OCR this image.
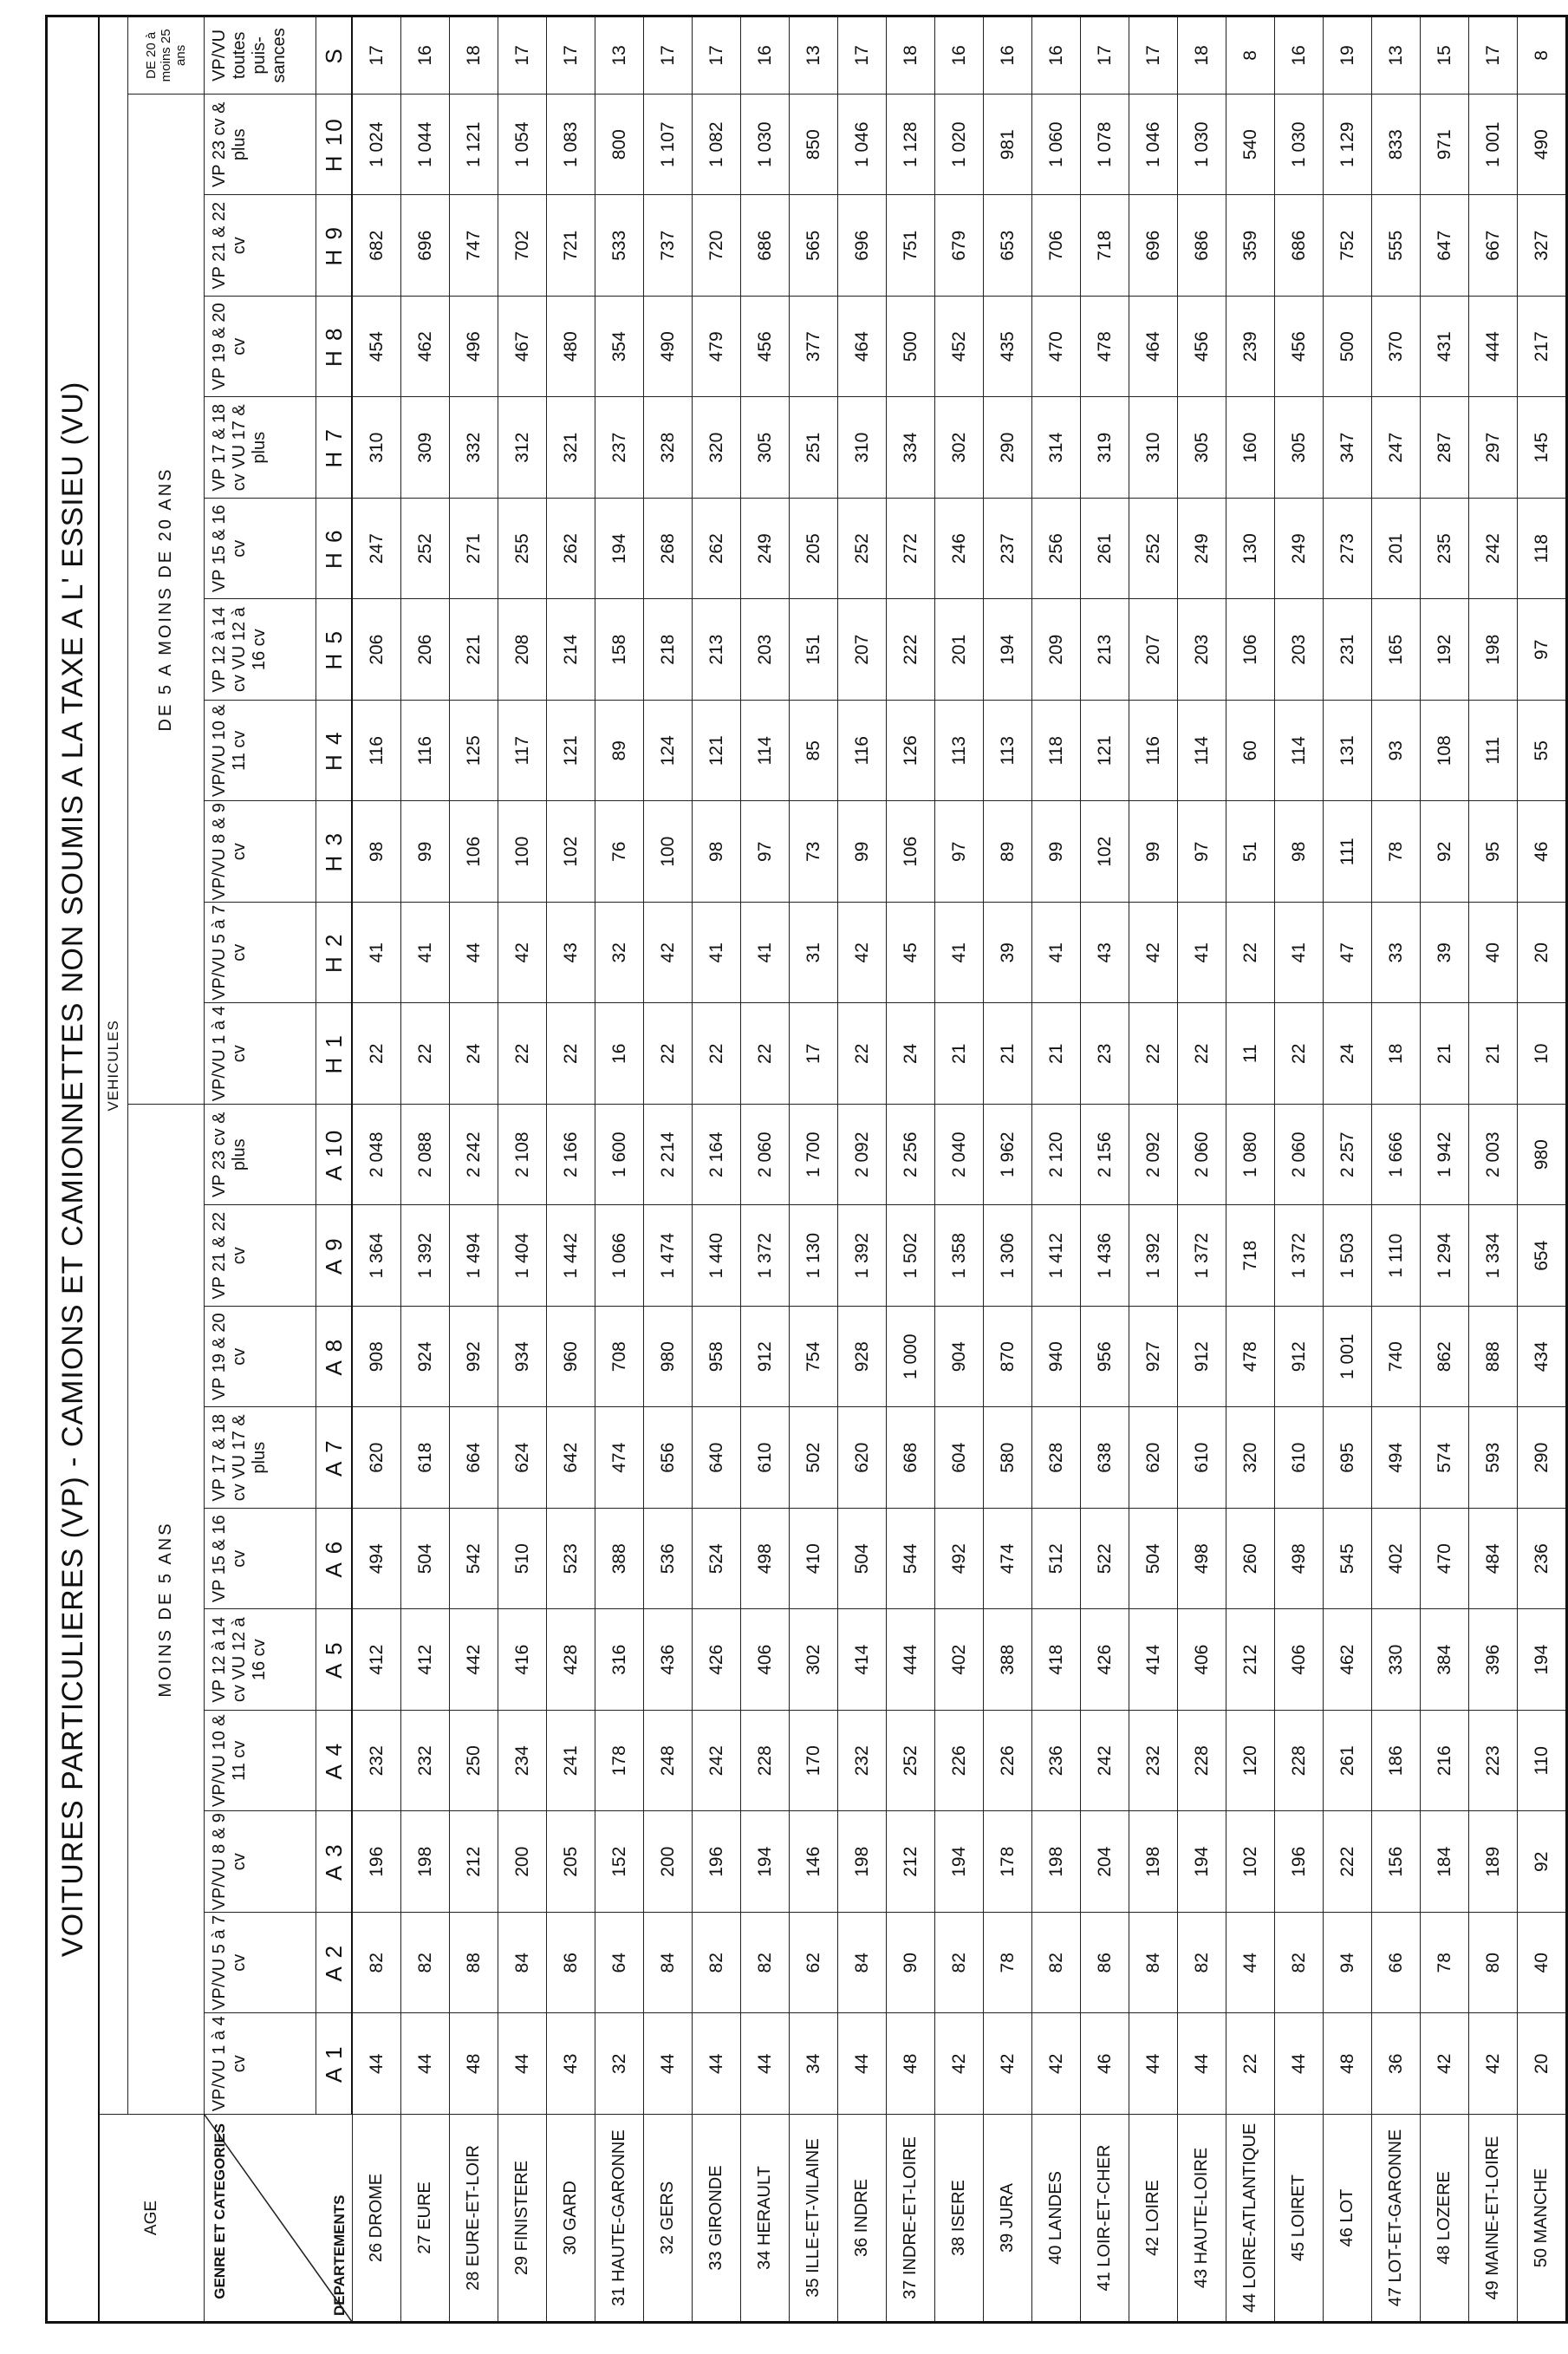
VOITURES PARTICULIERES (VP) - CAMIONS ET CAMIONNETTES NON SOUMIS A LA TAXE A L' ESSIEU (VU)																					
AGE	VEHICULES																				
	MOINS DE 5 ANS										DE 5 A MOINS DE 20 ANS										DE 20 à moins 25 ans

GENRE ET CATEGORIES DEPARTEMENTS	VP/VU 1 à 4 cv	VP/VU 5 à 7 cv	VP/VU 8 & 9 cv	VP/VU 10 & 11 cv	VP 12 à 14 cv VU 12 à 16 cv	VP 15 & 16 cv	VP 17 & 18 cv VU 17 & plus	VP 19 & 20 cv	VP 21 & 22 cv	VP 23 cv & plus	VP/VU 1 à 4 cv	VP/VU 5 à 7 cv	VP/VU 8 & 9 cv	VP/VU 10 & 11 cv	VP 12 à 14 cv VU 12 à 16 cv	VP 15 & 16 cv	VP 17 & 18 cv VU 17 & plus	VP 19 & 20 cv	VP 21 & 22 cv	VP 23 cv & plus	VP/VU toutes puis- sances
	A 1	A 2	A 3	A 4	A 5	A 6	A 7	A 8	A 9	A 10	H 1	H 2	H 3	H 4	H 5	H 6	H 7	H 8	H 9	H 10	S
26 DROME	44	82	196	232	412	494	620	908	1 364	2 048	22	41	98	116	206	247	310	454	682	1 024	17
27 EURE	44	82	198	232	412	504	618	924	1 392	2 088	22	41	99	116	206	252	309	462	696	1 044	16
28 EURE-ET-LOIR	48	88	212	250	442	542	664	992	1 494	2 242	24	44	106	125	221	271	332	496	747	1 121	18
29 FINISTERE	44	84	200	234	416	510	624	934	1 404	2 108	22	42	100	117	208	255	312	467	702	1 054	17
30 GARD	43	86	205	241	428	523	642	960	1 442	2 166	22	43	102	121	214	262	321	480	721	1 083	17
31 HAUTE-GARONNE	32	64	152	178	316	388	474	708	1 066	1 600	16	32	76	89	158	194	237	354	533	800	13
32 GERS	44	84	200	248	436	536	656	980	1 474	2 214	22	42	100	124	218	268	328	490	737	1 107	17
33 GIRONDE	44	82	196	242	426	524	640	958	1 440	2 164	22	41	98	121	213	262	320	479	720	1 082	17
34 HERAULT	44	82	194	228	406	498	610	912	1 372	2 060	22	41	97	114	203	249	305	456	686	1 030	16
35 ILLE-ET-VILAINE	34	62	146	170	302	410	502	754	1 130	1 700	17	31	73	85	151	205	251	377	565	850	13
36 INDRE	44	84	198	232	414	504	620	928	1 392	2 092	22	42	99	116	207	252	310	464	696	1 046	17
37 INDRE-ET-LOIRE	48	90	212	252	444	544	668	1 000	1 502	2 256	24	45	106	126	222	272	334	500	751	1 128	18
38 ISERE	42	82	194	226	402	492	604	904	1 358	2 040	21	41	97	113	201	246	302	452	679	1 020	16
39 JURA	42	78	178	226	388	474	580	870	1 306	1 962	21	39	89	113	194	237	290	435	653	981	16
40 LANDES	42	82	198	236	418	512	628	940	1 412	2 120	21	41	99	118	209	256	314	470	706	1 060	16
41 LOIR-ET-CHER	46	86	204	242	426	522	638	956	1 436	2 156	23	43	102	121	213	261	319	478	718	1 078	17
42 LOIRE	44	84	198	232	414	504	620	927	1 392	2 092	22	42	99	116	207	252	310	464	696	1 046	17
43 HAUTE-LOIRE	44	82	194	228	406	498	610	912	1 372	2 060	22	41	97	114	203	249	305	456	686	1 030	18
44 LOIRE-ATLANTIQUE	22	44	102	120	212	260	320	478	718	1 080	11	22	51	60	106	130	160	239	359	540	8
45 LOIRET	44	82	196	228	406	498	610	912	1 372	2 060	22	41	98	114	203	249	305	456	686	1 030	16
46 LOT	48	94	222	261	462	545	695	1 001	1 503	2 257	24	47	111	131	231	273	347	500	752	1 129	19
47 LOT-ET-GARONNE	36	66	156	186	330	402	494	740	1 110	1 666	18	33	78	93	165	201	247	370	555	833	13
48 LOZERE	42	78	184	216	384	470	574	862	1 294	1 942	21	39	92	108	192	235	287	431	647	971	15
49 MAINE-ET-LOIRE	42	80	189	223	396	484	593	888	1 334	2 003	21	40	95	111	198	242	297	444	667	1 001	17
50 MANCHE	20	40	92	110	194	236	290	434	654	980	10	20	46	55	97	118	145	217	327	490	8
